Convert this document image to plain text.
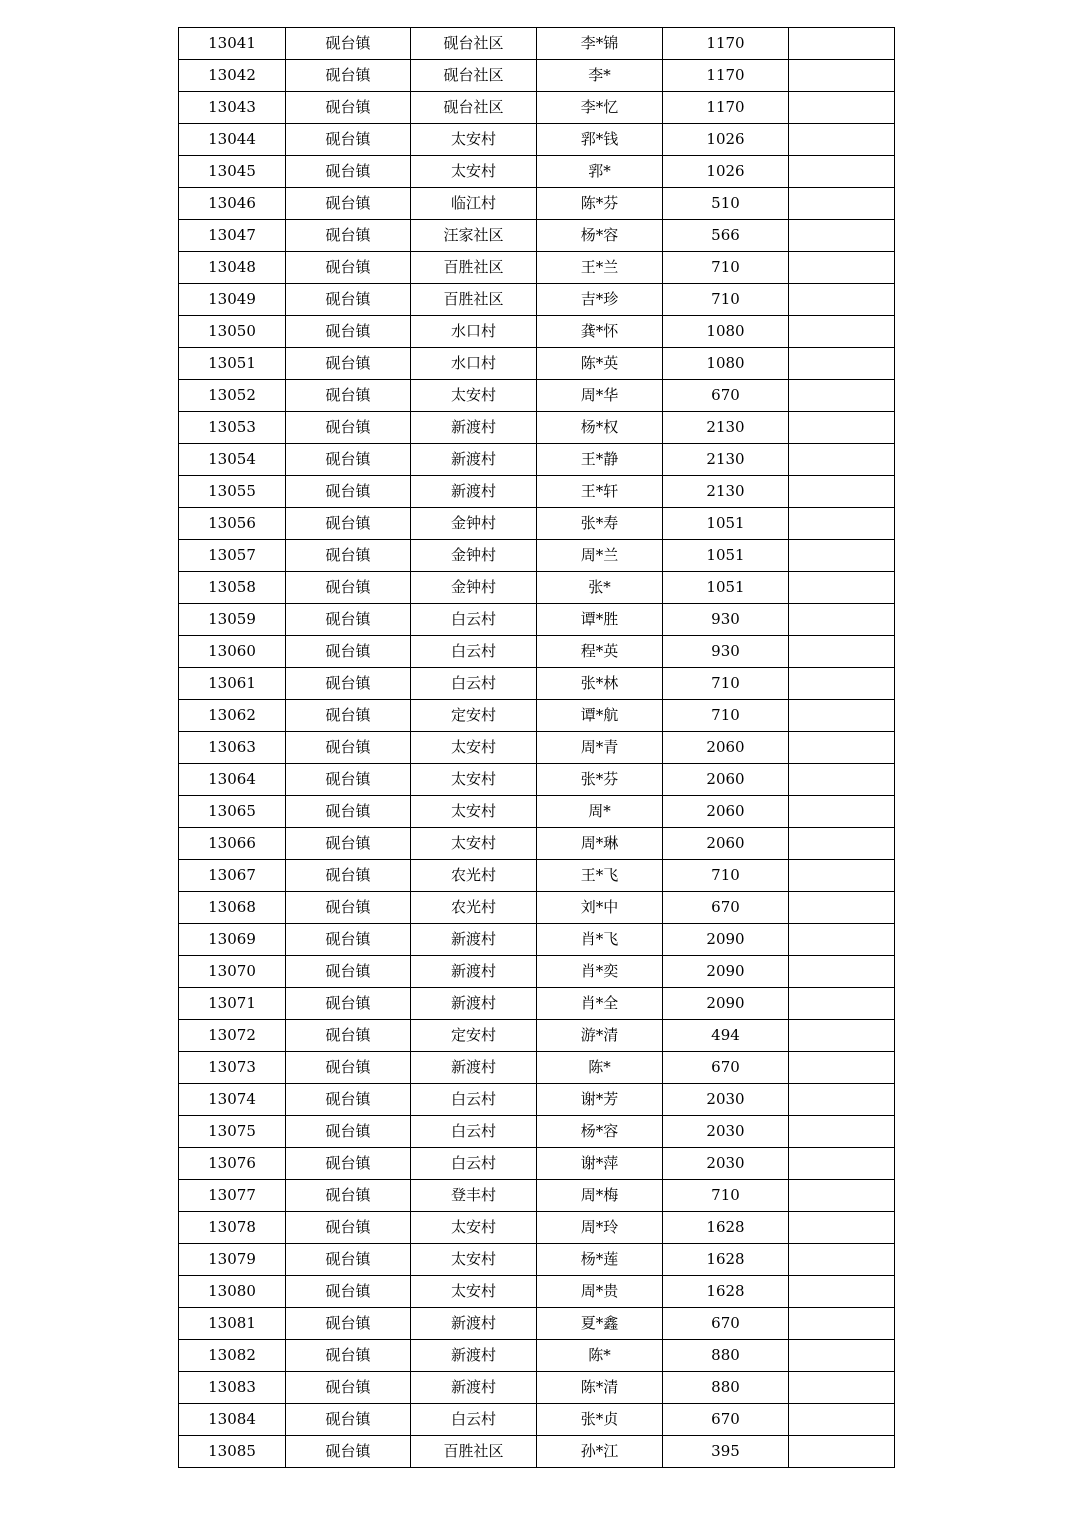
13041	砚台镇	砚台社区	李*锦	1170	
13042	砚台镇	砚台社区	李*	1170	
13043	砚台镇	砚台社区	李*忆	1170	
13044	砚台镇	太安村	郛*钱	1026	
13045	砚台镇	太安村	郛*	1026	
13046	砚台镇	临江村	陈*芬	510	
13047	砚台镇	汪家社区	杨*容	566	
13048	砚台镇	百胜社区	王*兰	710	
13049	砚台镇	百胜社区	吉*珍	710	
13050	砚台镇	水口村	龚*怀	1080	
13051	砚台镇	水口村	陈*英	1080	
13052	砚台镇	太安村	周*华	670	
13053	砚台镇	新渡村	杨*权	2130	
13054	砚台镇	新渡村	王*静	2130	
13055	砚台镇	新渡村	王*轩	2130	
13056	砚台镇	金钟村	张*寿	1051	
13057	砚台镇	金钟村	周*兰	1051	
13058	砚台镇	金钟村	张*	1051	
13059	砚台镇	白云村	谭*胜	930	
13060	砚台镇	白云村	程*英	930	
13061	砚台镇	白云村	张*林	710	
13062	砚台镇	定安村	谭*航	710	
13063	砚台镇	太安村	周*青	2060	
13064	砚台镇	太安村	张*芬	2060	
13065	砚台镇	太安村	周*	2060	
13066	砚台镇	太安村	周*琳	2060	
13067	砚台镇	农光村	王*飞	710	
13068	砚台镇	农光村	刘*中	670	
13069	砚台镇	新渡村	肖*飞	2090	
13070	砚台镇	新渡村	肖*奕	2090	
13071	砚台镇	新渡村	肖*全	2090	
13072	砚台镇	定安村	游*清	494	
13073	砚台镇	新渡村	陈*	670	
13074	砚台镇	白云村	谢*芳	2030	
13075	砚台镇	白云村	杨*容	2030	
13076	砚台镇	白云村	谢*萍	2030	
13077	砚台镇	登丰村	周*梅	710	
13078	砚台镇	太安村	周*玲	1628	
13079	砚台镇	太安村	杨*莲	1628	
13080	砚台镇	太安村	周*贵	1628	
13081	砚台镇	新渡村	夏*鑫	670	
13082	砚台镇	新渡村	陈*	880	
13083	砚台镇	新渡村	陈*清	880	
13084	砚台镇	白云村	张*贞	670	
13085	砚台镇	百胜社区	孙*江	395	
